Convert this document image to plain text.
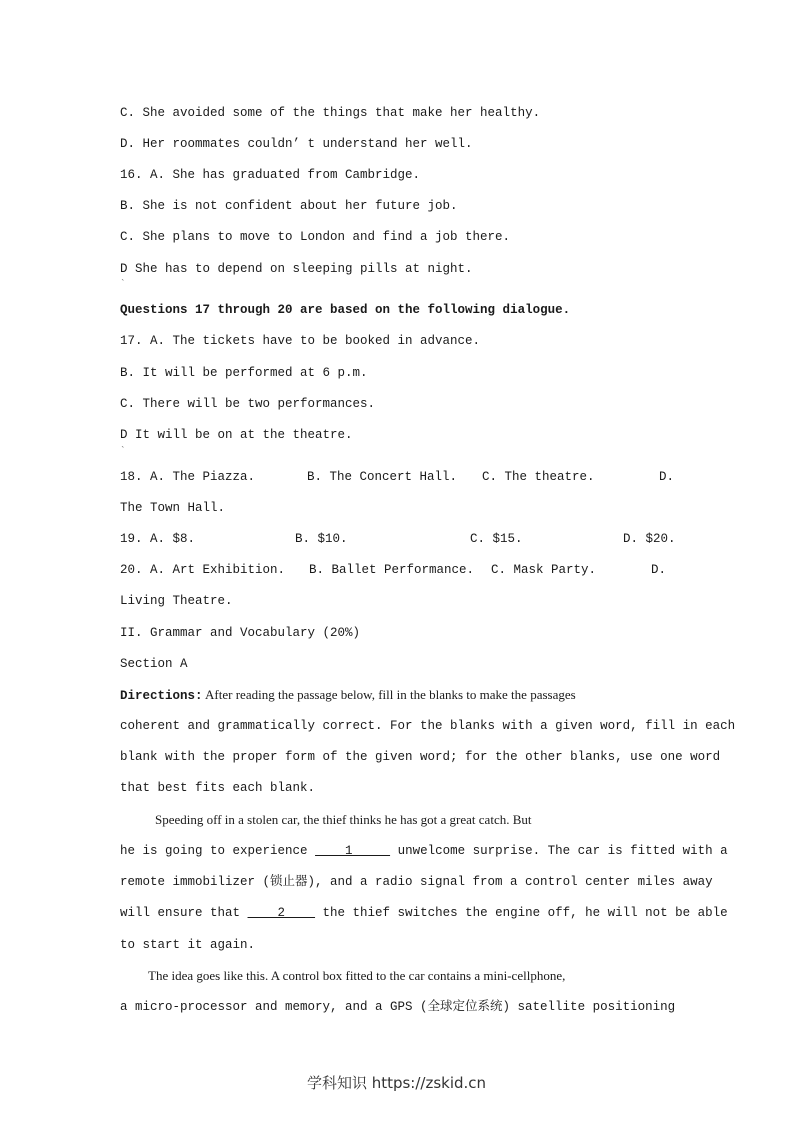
C. She avoided some of the things that make her healthy.
D. Her roommates couldn’ t understand her well.
16. A. She has graduated from Cambridge.
B. She is not confident about her future job.
C. She plans to move to London and find a job there.
D She has to depend on sleeping pills at night.
`
Questions 17 through 20 are based on the following dialogue.
17. A. The tickets have to be booked in advance.
B. It will be performed at 6 p.m.
C. There will be two performances.
D It will be on at the theatre.
`
18. A. The Piazza.	B. The Concert Hall. C. The theatre.	D.
The Town Hall.
19. A. $8.	B. $10.	C. $15.	D. $20.
20. A. Art Exhibition. B. Ballet Performance. C. Mask Party.	D.
Living Theatre.
II. Grammar and Vocabulary (20%)
Section A
Directions: After reading the passage below, fill in the blanks to make the passages
coherent and grammatically correct. For the blanks with a given word, fill in each
blank with the proper form of the given word; for the other blanks, use one word
that best fits each blank.
Speeding off in a stolen car, the thief thinks he has got a great catch. But
he is going to experience     1      unwelcome surprise. The car is fitted with a
remote immobilizer (锁止器), and a radio signal from a control center miles away
will ensure that     2     the thief switches the engine off, he will not be able
to start it again.
The idea goes like this. A control box fitted to the car contains a mini-cellphone,
a micro-processor and memory, and a GPS (全球定位系统) satellite positioning
学科知识 https://zskid.cn
